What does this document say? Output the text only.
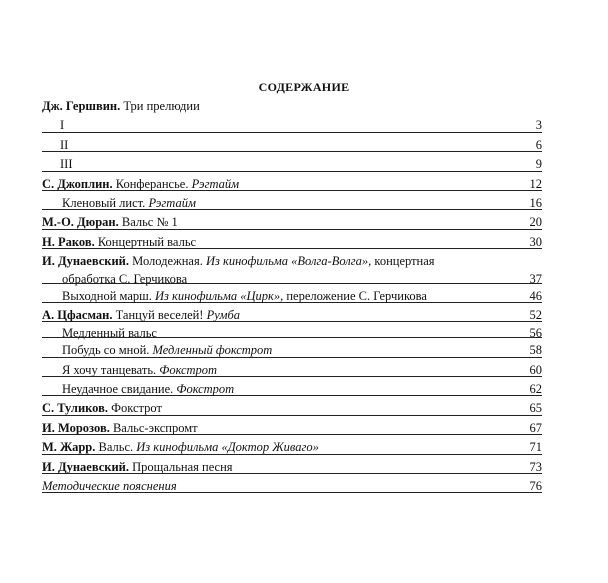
СОДЕРЖАНИЕ
Дж. Гершвин. Три прелюдии
I	3
II	6
III	9
С. Джоплин. Конферансье. Рэгтайм	12
Кленовый лист. Рэгтайм	16
М.-О. Дюран. Вальс № 1	20
Н. Раков. Концертный вальс	30
И. Дунаевский. Молодежная. Из кинофильма «Волга-Волга», концертная
обработка С. Герчикова	37
Выходной марш. Из кинофильма «Цирк», переложение С. Герчикова	46
А. Цфасман. Танцуй веселей! Румба	52
Медленный вальс	56
Побудь со мной. Медленный фокстрот	58
Я хочу танцевать. Фокстрот	60
Неудачное свидание. Фокстрот	62
С. Туликов. Фокстрот	65
И. Морозов. Вальс-экспромт	67
М. Жарр. Вальс. Из кинофильма «Доктор Живаго»	71
И. Дунаевский. Прощальная песня	73
Методические пояснения	76
